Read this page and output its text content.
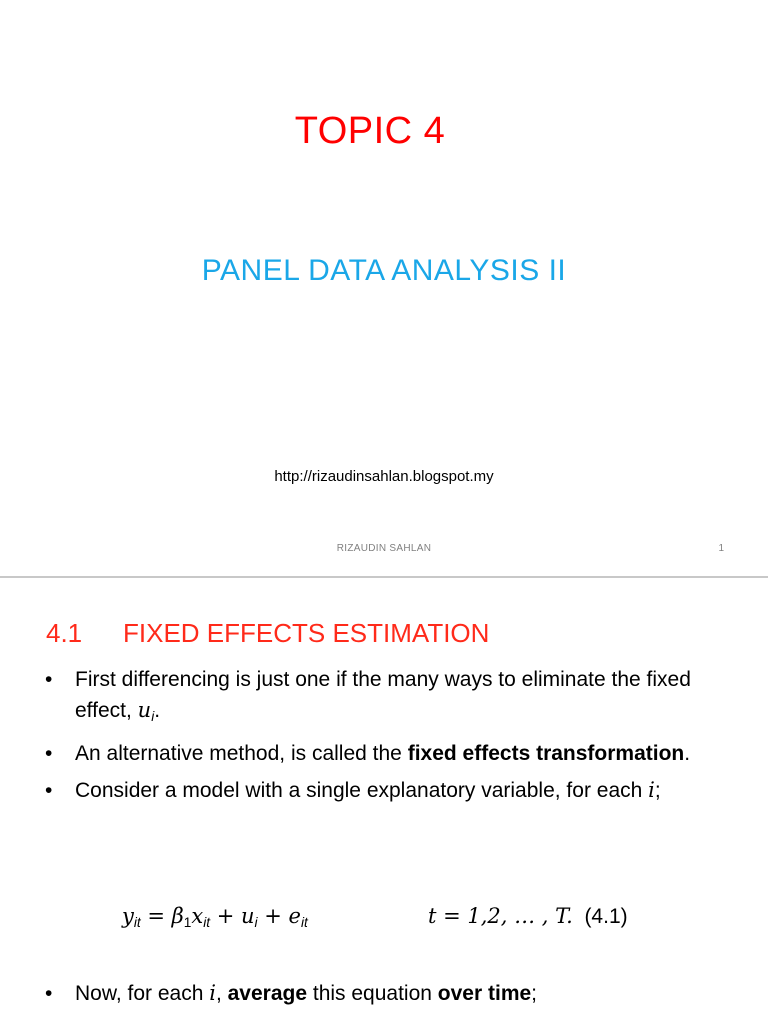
TOPIC 4
PANEL DATA ANALYSIS II
http://rizaudinsahlan.blogspot.my
RIZAUDIN SAHLAN	1
4.1 FIXED EFFECTS ESTIMATION
• First differencing is just one if the many ways to eliminate the fixed effect, $u_i$.
• An alternative method, is called the fixed effects transformation.
• Consider a model with a single explanatory variable, for each i;
$y_{it} = \beta_1x_{it} + u_i + e_{it}$	t = 1,2, … , T. (4.1)
• Now, for each i, average this equation over time;
